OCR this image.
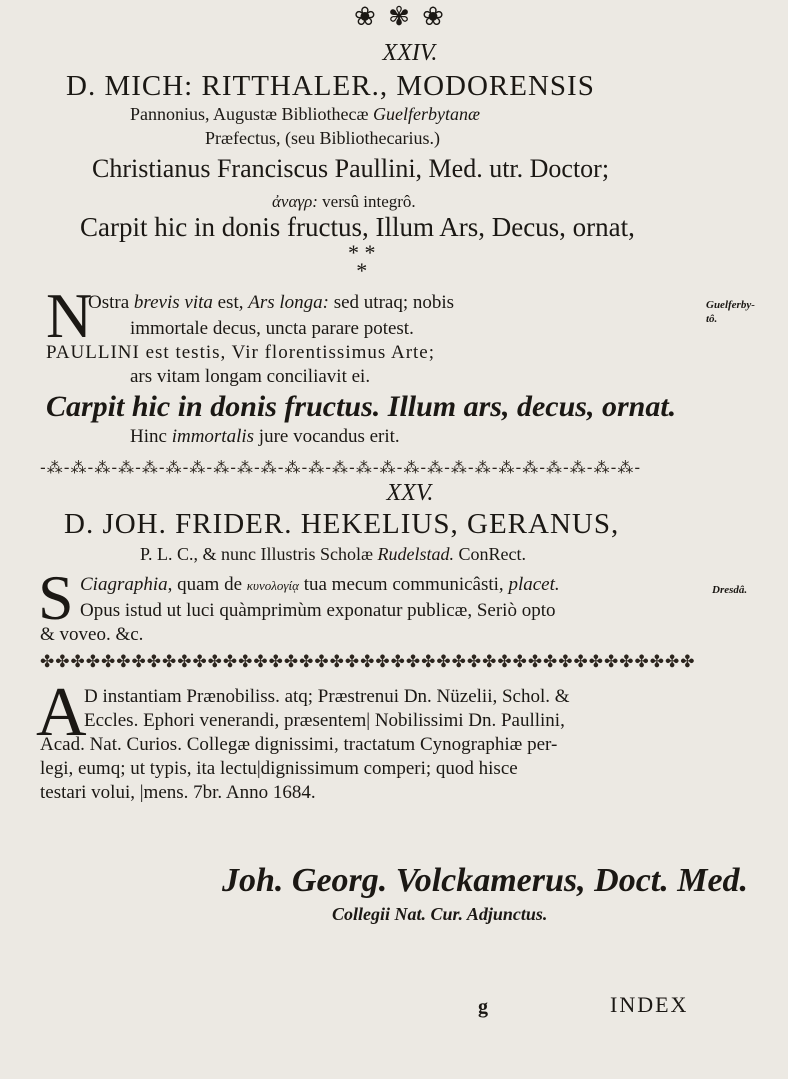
❀ ✾ ❀
XXIV.
D. MICH: RITTHALER., MODORENSIS
Pannonius, Augustæ Bibliothecæ Guelferbytanæ
Præfectus, (seu Bibliothecarius.)
Christianus Franciscus Paullini, Med. utr. Doctor;
ἀναγρ: versû integrô.
Carpit hic in donis fructus, Illum Ars, Decus, ornat,
* *
*
N
Ostra brevis vita est, Ars longa: sed utraq; nobis
immortale decus, uncta parare potest.
PAULLINI est testis, Vir florentissimus Arte;
ars vitam longam conciliavit ei.
Carpit hic in donis fructus. Illum ars, decus, ornat.
Hinc immortalis jure vocandus erit.
Guelferby-tô.
-⁂-⁂-⁂-⁂-⁂-⁂-⁂-⁂-⁂-⁂-⁂-⁂-⁂-⁂-⁂-⁂-⁂-⁂-⁂-⁂-⁂-⁂-⁂-⁂-⁂-
XXV.
D. JOH. FRIDER. HEKELIUS, GERANUS,
P. L. C., & nunc Illustris Scholæ Rudelstad. ConRect.
S Ciagraphia, quam de κυνολογίᾳ tua mecum communicâsti, placet.
Opus istud ut luci quàmprimùm exponatur publicæ, Seriò opto
& voveo. &c.
Dresdâ.
✤✤✤✤✤✤✤✤✤✤✤✤✤✤✤✤✤✤✤✤✤✤✤✤✤✤✤✤✤✤✤✤✤✤✤✤✤✤✤✤✤✤✤
A
D instantiam Prænobiliss. atq; Præstrenui Dn. Nüzelii, Schol. &
Eccles. Ephori venerandi, præsentem| Nobilissimi Dn. Paullini,
Acad. Nat. Curios. Collegæ dignissimi, tractatum Cynographiæ per-
legi, eumq; ut typis, ita lectu|dignissimum comperi; quod hisce
testari volui, |mens. 7br. Anno 1684.
Joh. Georg. Volckamerus, Doct. Med.
Collegii Nat. Cur. Adjunctus.
g	INDEX
